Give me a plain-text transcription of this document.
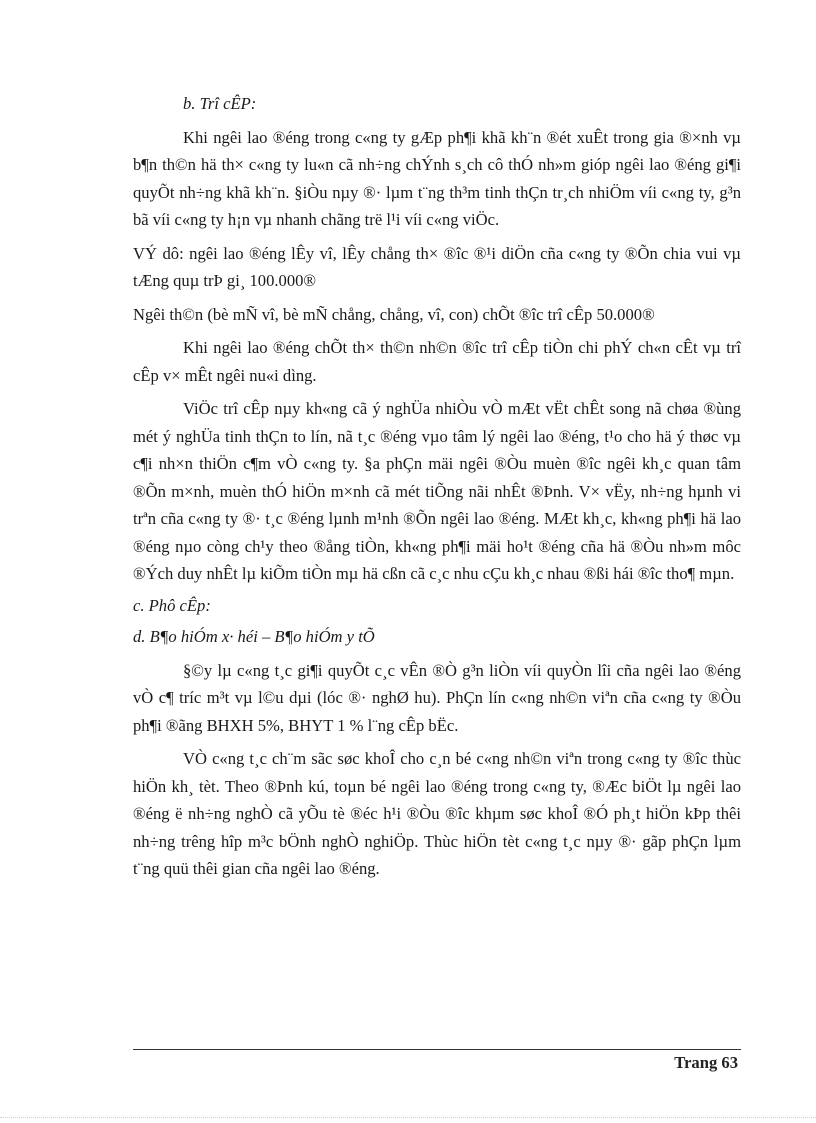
b. Trî cÊP:

Khi ngêi lao ®éng trong c«ng ty gÆp ph¶i khã kh¨n ®ét xuÊt trong gia ®×nh vµ b¶n th©n hä th× c«ng ty lu«n cã nh÷ng chÝnh s¸ch cô thÓ nh»m gióp ngêi lao ®éng gi¶i quyÕt nh÷ng khã kh¨n. §iÒu nµy ®· lµm t¨ng th³m tinh thÇn tr¸ch nhiÖm víi c«ng ty, g³n bã víi c«ng ty h¡n vµ nhanh chãng trë l¹i víi c«ng viÖc.

VÝ dô: ngêi lao ®éng lÊy vî, lÊy chång th× ®îc ®¹i diÖn cña c«ng ty ®Õn chia vui vµ tÆng quµ trÞ gi¸ 100.000®

Ngêi th©n (bè mÑ vî, bè mÑ chång, chång, vî, con) chÕt ®îc trî cÊp 50.000®

Khi ngêi lao ®éng chÕt th× th©n nh©n ®îc trî cÊp tiÒn chi phÝ ch«n cÊt vµ trî cÊp v× mÊt ngêi nu«i dìng.

ViÖc trî cÊp nµy kh«ng cã ý nghÜa nhiÒu vÒ mÆt vËt chÊt song nã chøa ®ùng mét ý nghÜa tinh thÇn to lín, nã t¸c ®éng vµo tâm lý ngêi lao ®éng, t¹o cho hä ý thøc vµ c¶i nh×n thiÖn c¶m vÒ c«ng ty. §a phÇn mäi ngêi ®Òu muèn ®îc ngêi kh¸c quan tâm ®Õn m×nh, muèn thÓ hiÖn m×nh cã mét tiÕng nãi nhÊt ®Þnh. V× vËy, nh÷ng hµnh vi trªn cña c«ng ty ®· t¸c ®éng lµnh m¹nh ®Õn ngêi lao ®éng. MÆt kh¸c, kh«ng ph¶i hä lao ®éng nµo còng ch¹y theo ®ång tiÒn, kh«ng ph¶i mäi ho¹t ®éng cña hä ®Òu nh»m môc ®Ých duy nhÊt lµ kiÕm tiÒn mµ hä cßn cã c¸c nhu cÇu kh¸c nhau ®ßi hái ®îc tho¶ mµn.

c. Phô cÊp:

d. B¶o hiÓm x· héi – B¶o hiÓm y tÕ

§©y lµ c«ng t¸c gi¶i quyÕt c¸c vÊn ®Ò g³n liÒn víi quyÒn lîi cña ngêi lao ®éng vÒ c¶ tríc m³t vµ l©u dµi (lóc ®· nghØ hu). PhÇn lín c«ng nh©n viªn cña c«ng ty ®Òu ph¶i ®ãng BHXH 5%, BHYT 1 % l¨ng cÊp bËc.

VÒ c«ng t¸c ch¨m sãc søc khoÎ cho c¸n bé c«ng nh©n viªn trong c«ng ty ®îc thùc hiÖn kh¸ tèt. Theo ®Þnh kú, toµn bé ngêi lao ®éng trong c«ng ty, ®Æc biÖt lµ ngêi lao ®éng ë nh÷ng nghÒ cã yÕu tè ®éc h¹i ®Òu ®îc khµm søc khoÎ ®Ó ph¸t hiÖn kÞp thêi nh÷ng trêng hîp m³c bÖnh nghÒ nghiÖp. Thùc hiÖn tèt c«ng t¸c nµy ®· gãp phÇn lµm t¨ng quü thêi gian cña ngêi lao ®éng.

Trang 63
